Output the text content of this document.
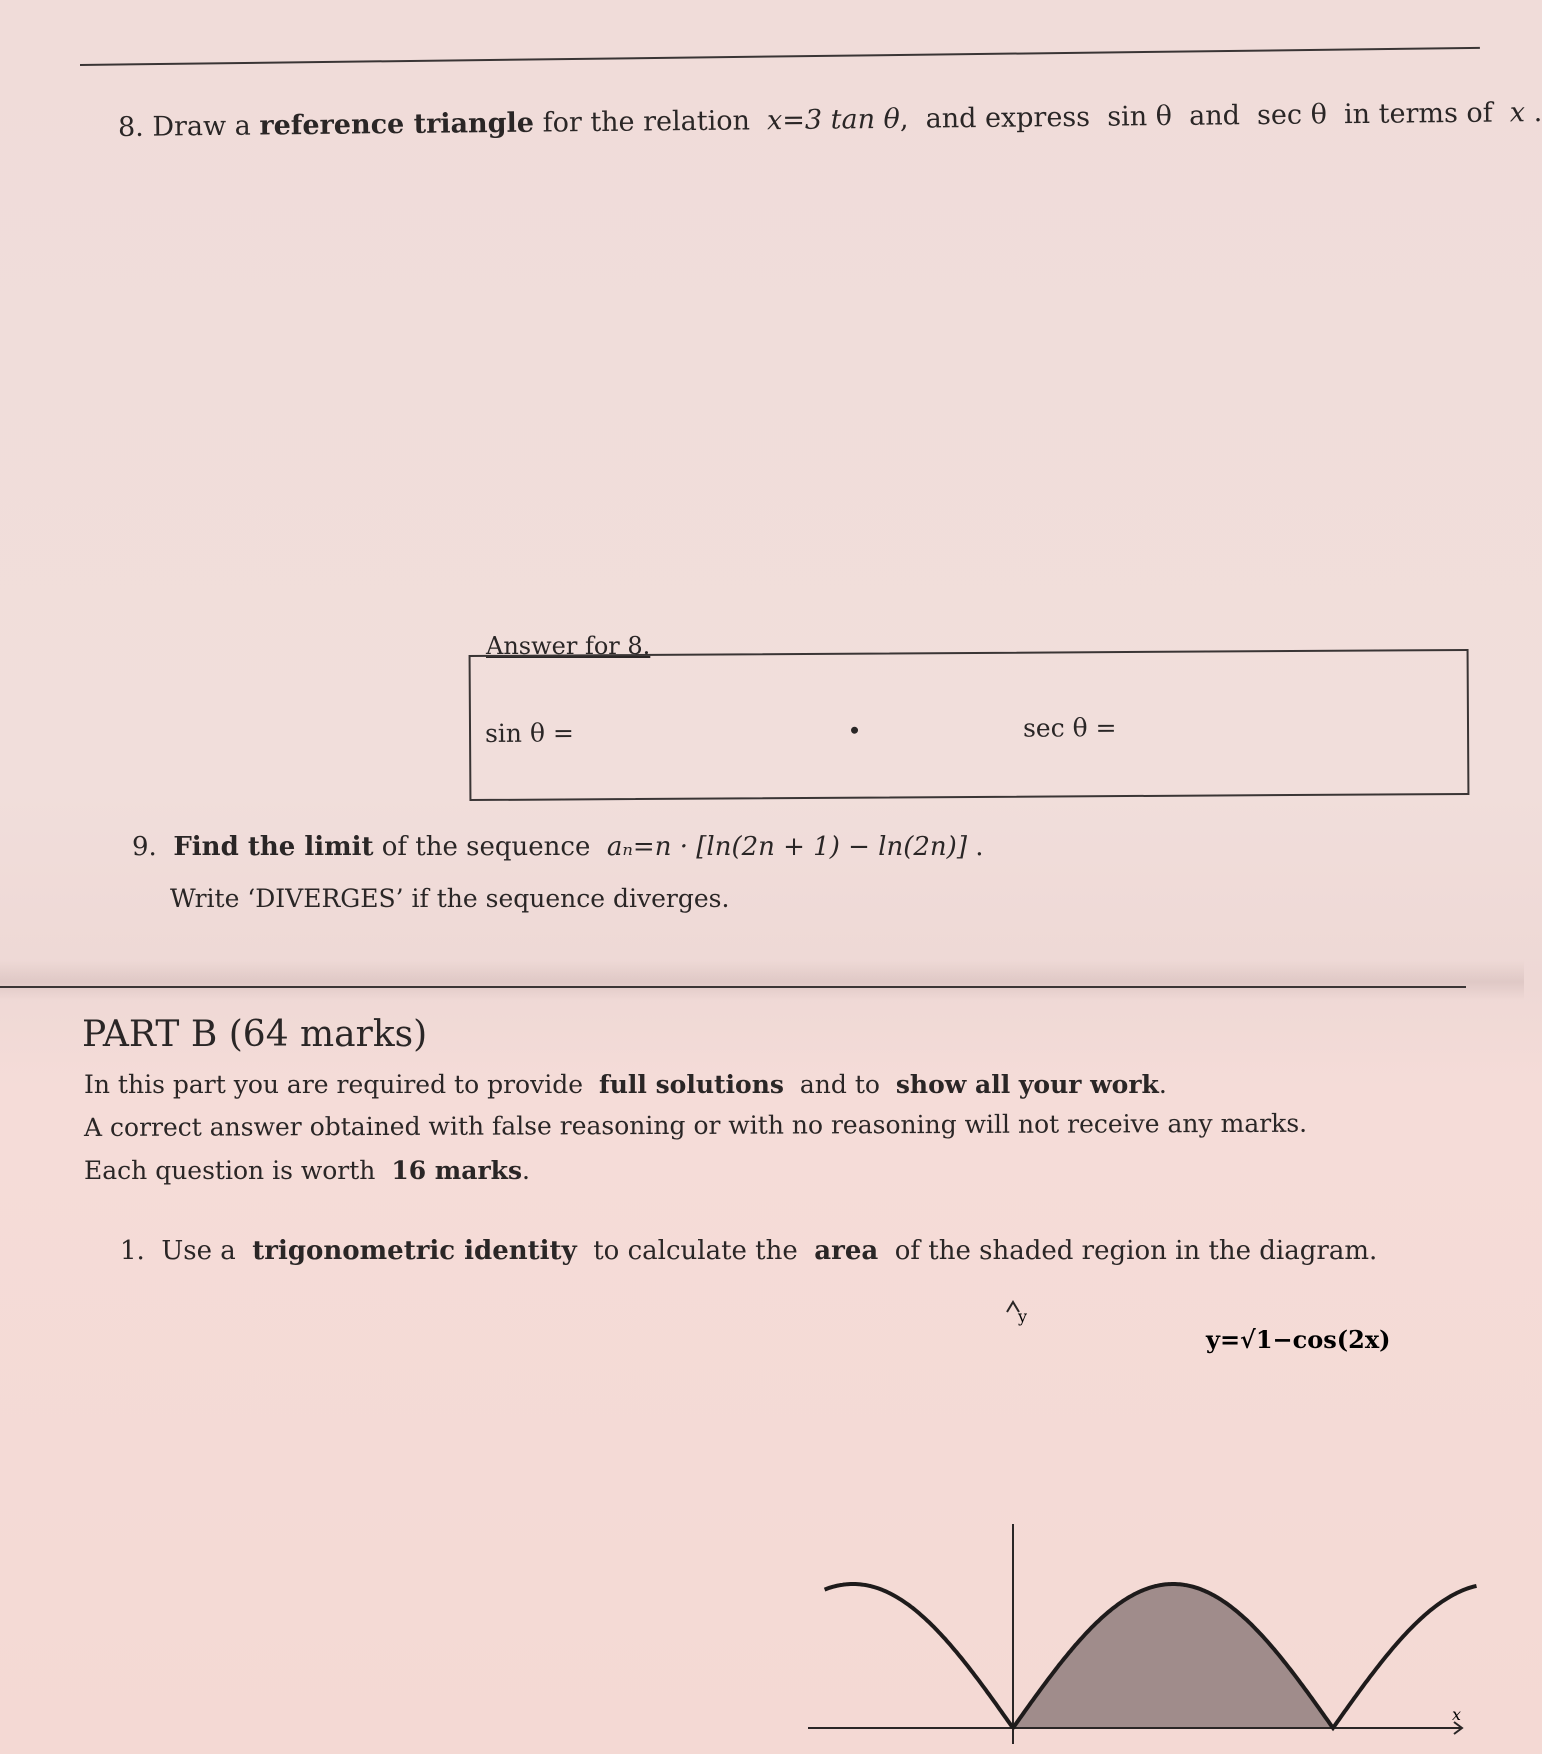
8. Draw a reference triangle for the relation x=3 tan θ, and express sin θ and sec θ in terms of x .
Answer for 8.
sin θ =	sec θ =
9. Find the limit of the sequence aₙ=n · [ln(2n + 1) − ln(2n)] .
Write ‘DIVERGES’ if the sequence diverges.
PART B (64 marks)
In this part you are required to provide full solutions and to show all your work.
A correct answer obtained with false reasoning or with no reasoning will not receive any marks.
Each question is worth 16 marks.
1. Use a trigonometric identity to calculate the area of the shaded region in the diagram.
y
x
y=√1−cos(2x)
